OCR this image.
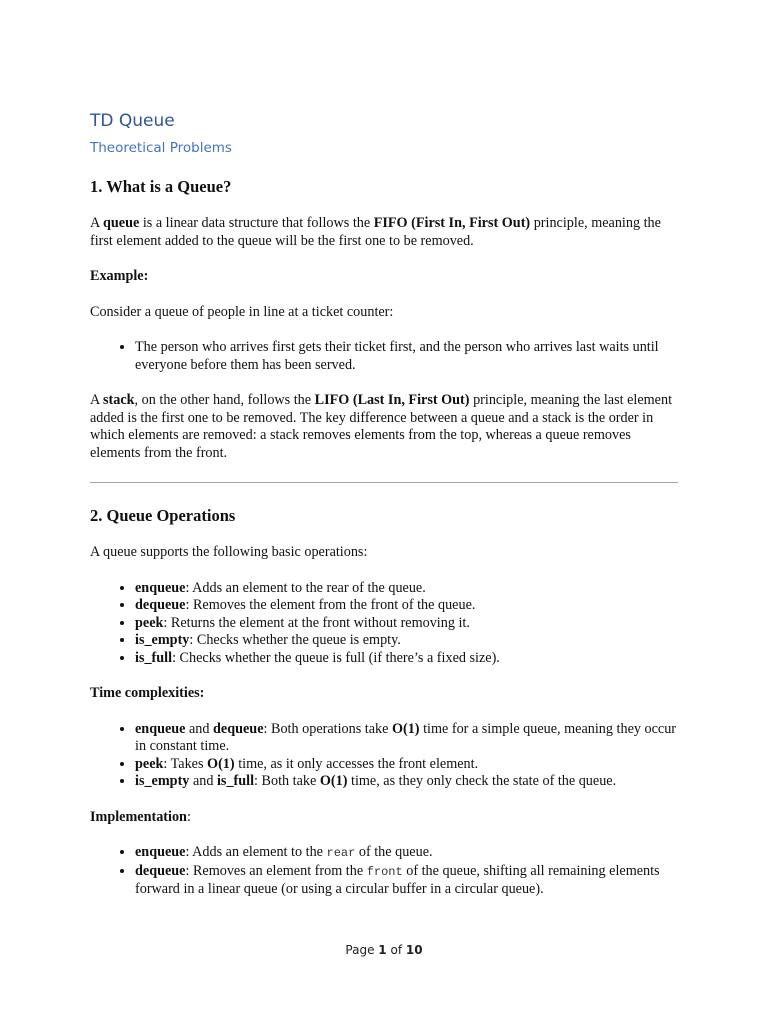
TD Queue
Theoretical Problems
1. What is a Queue?

A queue is a linear data structure that follows the FIFO (First In, First Out) principle, meaning the first element added to the queue will be the first one to be removed.

Example:

Consider a queue of people in line at a ticket counter:

• The person who arrives first gets their ticket first, and the person who arrives last waits until everyone before them has been served.

A stack, on the other hand, follows the LIFO (Last In, First Out) principle, meaning the last element added is the first one to be removed. The key difference between a queue and a stack is the order in which elements are removed: a stack removes elements from the top, whereas a queue removes elements from the front.

2. Queue Operations

A queue supports the following basic operations:

• enqueue: Adds an element to the rear of the queue.
• dequeue: Removes the element from the front of the queue.
• peek: Returns the element at the front without removing it.
• is_empty: Checks whether the queue is empty.
• is_full: Checks whether the queue is full (if there’s a fixed size).

Time complexities:

• enqueue and dequeue: Both operations take O(1) time for a simple queue, meaning they occur in constant time.
• peek: Takes O(1) time, as it only accesses the front element.
• is_empty and is_full: Both take O(1) time, as they only check the state of the queue.

Implementation:

• enqueue: Adds an element to the rear of the queue.
• dequeue: Removes an element from the front of the queue, shifting all remaining elements forward in a linear queue (or using a circular buffer in a circular queue).
Page 1 of 10
